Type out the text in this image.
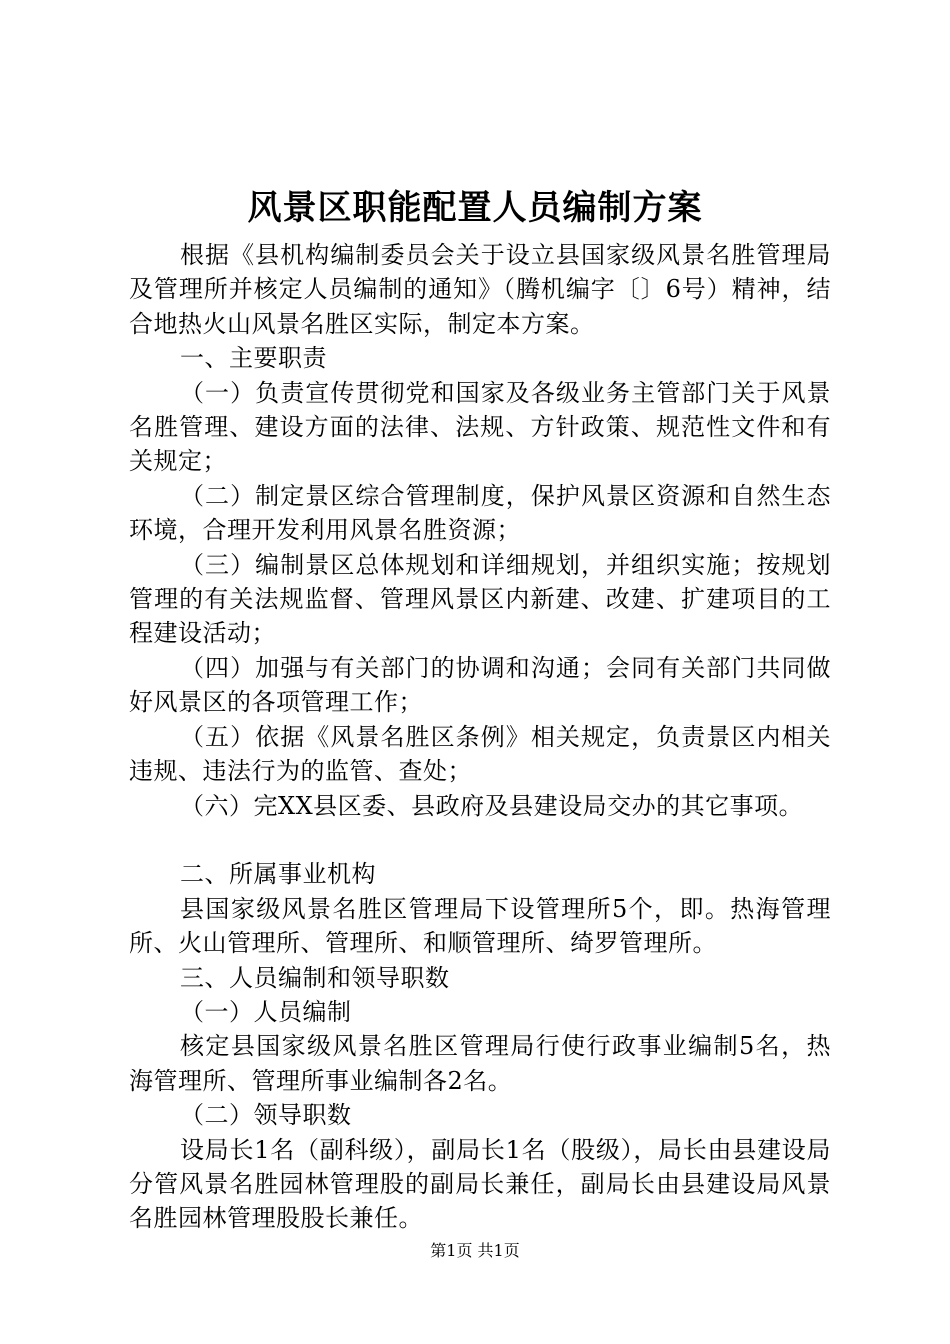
风景区职能配置人员编制方案

根据《县机构编制委员会关于设立县国家级风景名胜管理局及管理所并核定人员编制的通知》（腾机编字〔〕6号）精神，结合地热火山风景名胜区实际，制定本方案。

一、主要职责

（一）负责宣传贯彻党和国家及各级业务主管部门关于风景名胜管理、建设方面的法律、法规、方针政策、规范性文件和有关规定；

（二）制定景区综合管理制度，保护风景区资源和自然生态环境，合理开发利用风景名胜资源；

（三）编制景区总体规划和详细规划，并组织实施；按规划管理的有关法规监督、管理风景区内新建、改建、扩建项目的工程建设活动；

（四）加强与有关部门的协调和沟通；会同有关部门共同做好风景区的各项管理工作；

（五）依据《风景名胜区条例》相关规定，负责景区内相关违规、违法行为的监管、查处；

（六）完XX县区委、县政府及县建设局交办的其它事项。

二、所属事业机构

县国家级风景名胜区管理局下设管理所5个，即。热海管理所、火山管理所、管理所、和顺管理所、绮罗管理所。

三、人员编制和领导职数

（一）人员编制

核定县国家级风景名胜区管理局行使行政事业编制5名，热海管理所、管理所事业编制各2名。

（二）领导职数

设局长1名（副科级），副局长1名（股级），局长由县建设局分管风景名胜园林管理股的副局长兼任，副局长由县建设局风景名胜园林管理股股长兼任。

第1页 共1页
